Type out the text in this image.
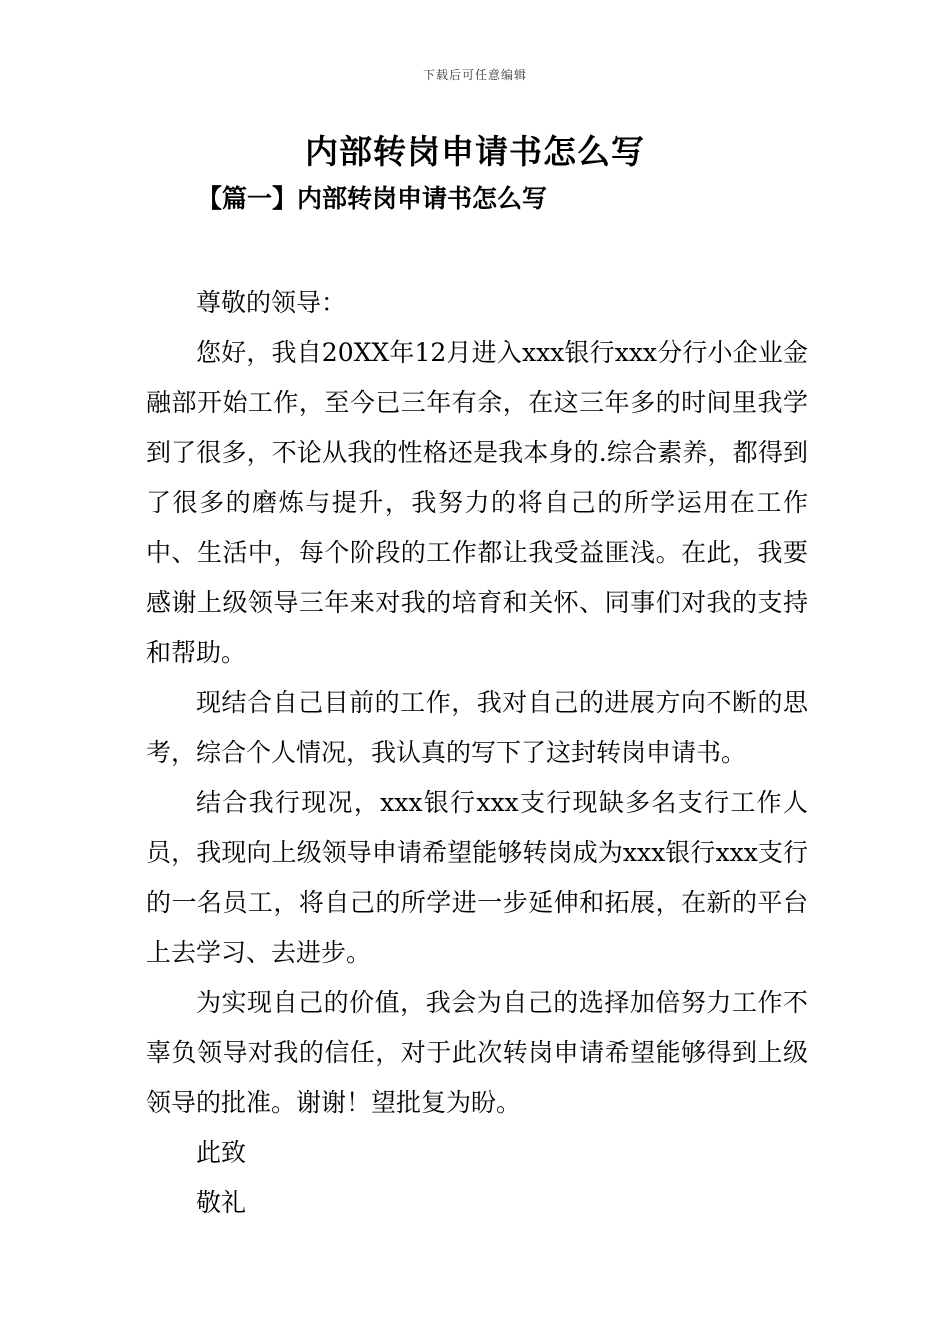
下载后可任意编辑
内部转岗申请书怎么写
【篇一】内部转岗申请书怎么写

尊敬的领导：

您好，我自20XX年12月进入xxx银行xxx分行小企业金融部开始工作，至今已三年有余，在这三年多的时间里我学到了很多，不论从我的性格还是我本身的.综合素养，都得到了很多的磨炼与提升，我努力的将自己的所学运用在工作中、生活中，每个阶段的工作都让我受益匪浅。在此，我要感谢上级领导三年来对我的培育和关怀、同事们对我的支持和帮助。

现结合自己目前的工作，我对自己的进展方向不断的思考，综合个人情况，我认真的写下了这封转岗申请书。

结合我行现况，xxx银行xxx支行现缺多名支行工作人员，我现向上级领导申请希望能够转岗成为xxx银行xxx支行的一名员工，将自己的所学进一步延伸和拓展，在新的平台上去学习、去进步。

为实现自己的价值，我会为自己的选择加倍努力工作不辜负领导对我的信任，对于此次转岗申请希望能够得到上级领导的批准。谢谢！望批复为盼。

此致

敬礼
